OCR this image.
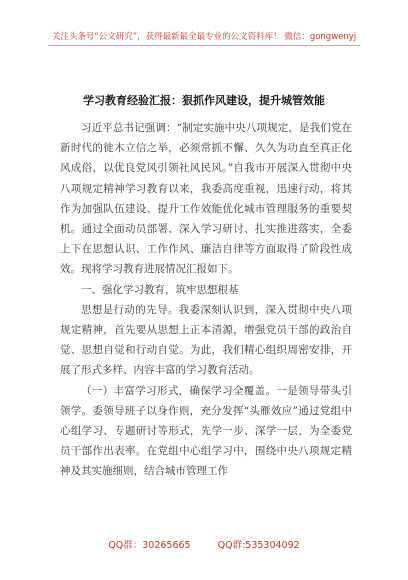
关注头条号“公文研究”，获得最新最全最专业的公文资料库！ 微信：gongwenyj
学习教育经验汇报：狠抓作风建设，提升城管效能

习近平总书记强调：“制定实施中央八项规定，是我们党在新时代的徙木立信之举，必须常抓不懈、久久为功直至真正化风成俗，以优良党风引领社风民风。”自我市开展深入贯彻中央八项规定精神学习教育以来，我委高度重视，迅速行动，将其作为加强队伍建设、提升工作效能优化城市管理服务的重要契机。通过全面动员部署、深入学习研讨、扎实推进落实，全委上下在思想认识、工作作风、廉洁自律等方面取得了阶段性成效。现将学习教育进展情况汇报如下。

一、强化学习教育，筑牢思想根基

思想是行动的先导。我委深刻认识到，深入贯彻中央八项规定精神，首先要从思想上正本清源，增强党员干部的政治自觉、思想自觉和行动自觉。为此，我们精心组织周密安排，开展了形式多样、内容丰富的学习教育活动。

（一）丰富学习形式，确保学习全覆盖。一是领导带头引领学。委领导班子以身作则，充分发挥“头雁效应”通过党组中心组学习、专题研讨等形式，先学一步、深学一层，为全委党员干部作出表率。在党组中心组学习中，围绕中央八项规定精神及其实施细则，结合城市管理工作

QQ群：30265665	QQ群:535304092
